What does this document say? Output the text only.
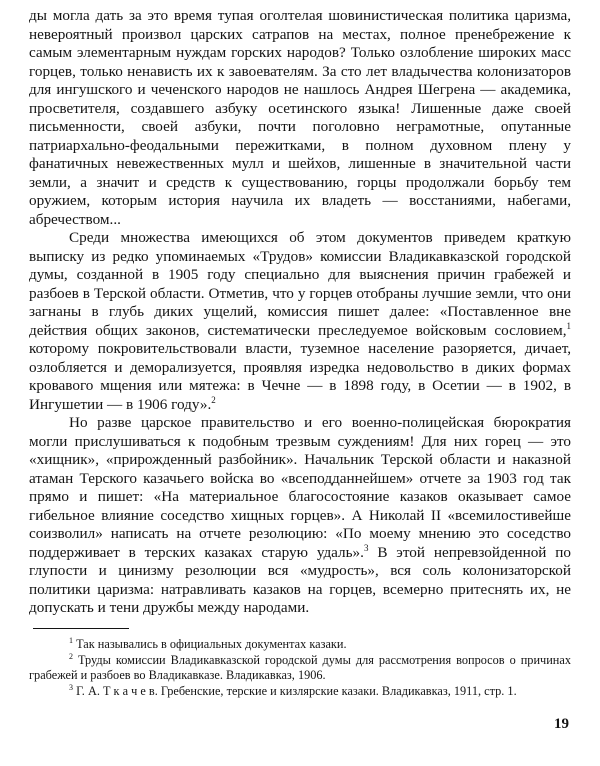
ды могла дать за это время тупая оголтелая шовинистическая политика царизма, невероятный произвол царских сатрапов на местах, полное пренебрежение к самым элементарным нуждам горских народов? Только озлобление широких масс горцев, только ненависть их к завоевателям. За сто лет владычества колонизаторов для ингушского и чеченского народов не нашлось Андрея Шегрена — академика, просветителя, создавшего азбуку осетинского языка! Лишенные даже своей письменности, своей азбуки, почти поголовно неграмотные, опутанные патриархально-феодальными пережитками, в полном духовном плену у фанатичных невежественных мулл и шейхов, лишенные в значительной части земли, а значит и средств к существованию, горцы продолжали борьбу тем оружием, которым история научила их владеть — восстаниями, набегами, абречеством...

Среди множества имеющихся об этом документов приведем краткую выписку из редко упоминаемых «Трудов» комиссии Владикавказской городской думы, созданной в 1905 году специально для выяснения причин грабежей и разбоев в Терской области. Отметив, что у горцев отобраны лучшие земли, что они загнаны в глубь диких ущелий, комиссия пишет далее: «Поставленное вне действия общих законов, систематически преследуемое войсковым сословием,$^1$ которому покровительствовали власти, туземное население разоряется, дичает, озлобляется и деморализуется, проявляя изредка недовольство в диких формах кровавого мщения или мятежа: в Чечне — в 1898 году, в Осетии — в 1902, в Ингушетии — в 1906 году».$^2$

Но разве царское правительство и его военно-полицейская бюрократия могли прислушиваться к подобным трезвым суждениям! Для них горец — это «хищник», «прирожденный разбойник». Начальник Терской области и наказной атаман Терского казачьего войска во «всеподданнейшем» отчете за 1903 год так прямо и пишет: «На материальное благосостояние казаков оказывает самое гибельное влияние соседство хищных горцев». А Николай II «всемилостивейше соизволил» написать на отчете резолюцию: «По моему мнению это соседство поддерживает в терских казаках старую удаль».$^3$ В этой непревзойденной по глупости и цинизму резолюции вся «мудрость», вся соль колонизаторской политики царизма: натравливать казаков на горцев, всемерно притеснять их, не допускать и тени дружбы между народами.

$^1$ Так назывались в официальных документах казаки.

$^2$ Труды комиссии Владикавказской городской думы для рассмотрения вопросов о причинах грабежей и разбоев во Владикавказе. Владикавказ, 1906.

$^3$ Г. А. Т к а ч е в. Гребенские, терские и кизлярские казаки. Владикавказ, 1911, стр. 1.

19
